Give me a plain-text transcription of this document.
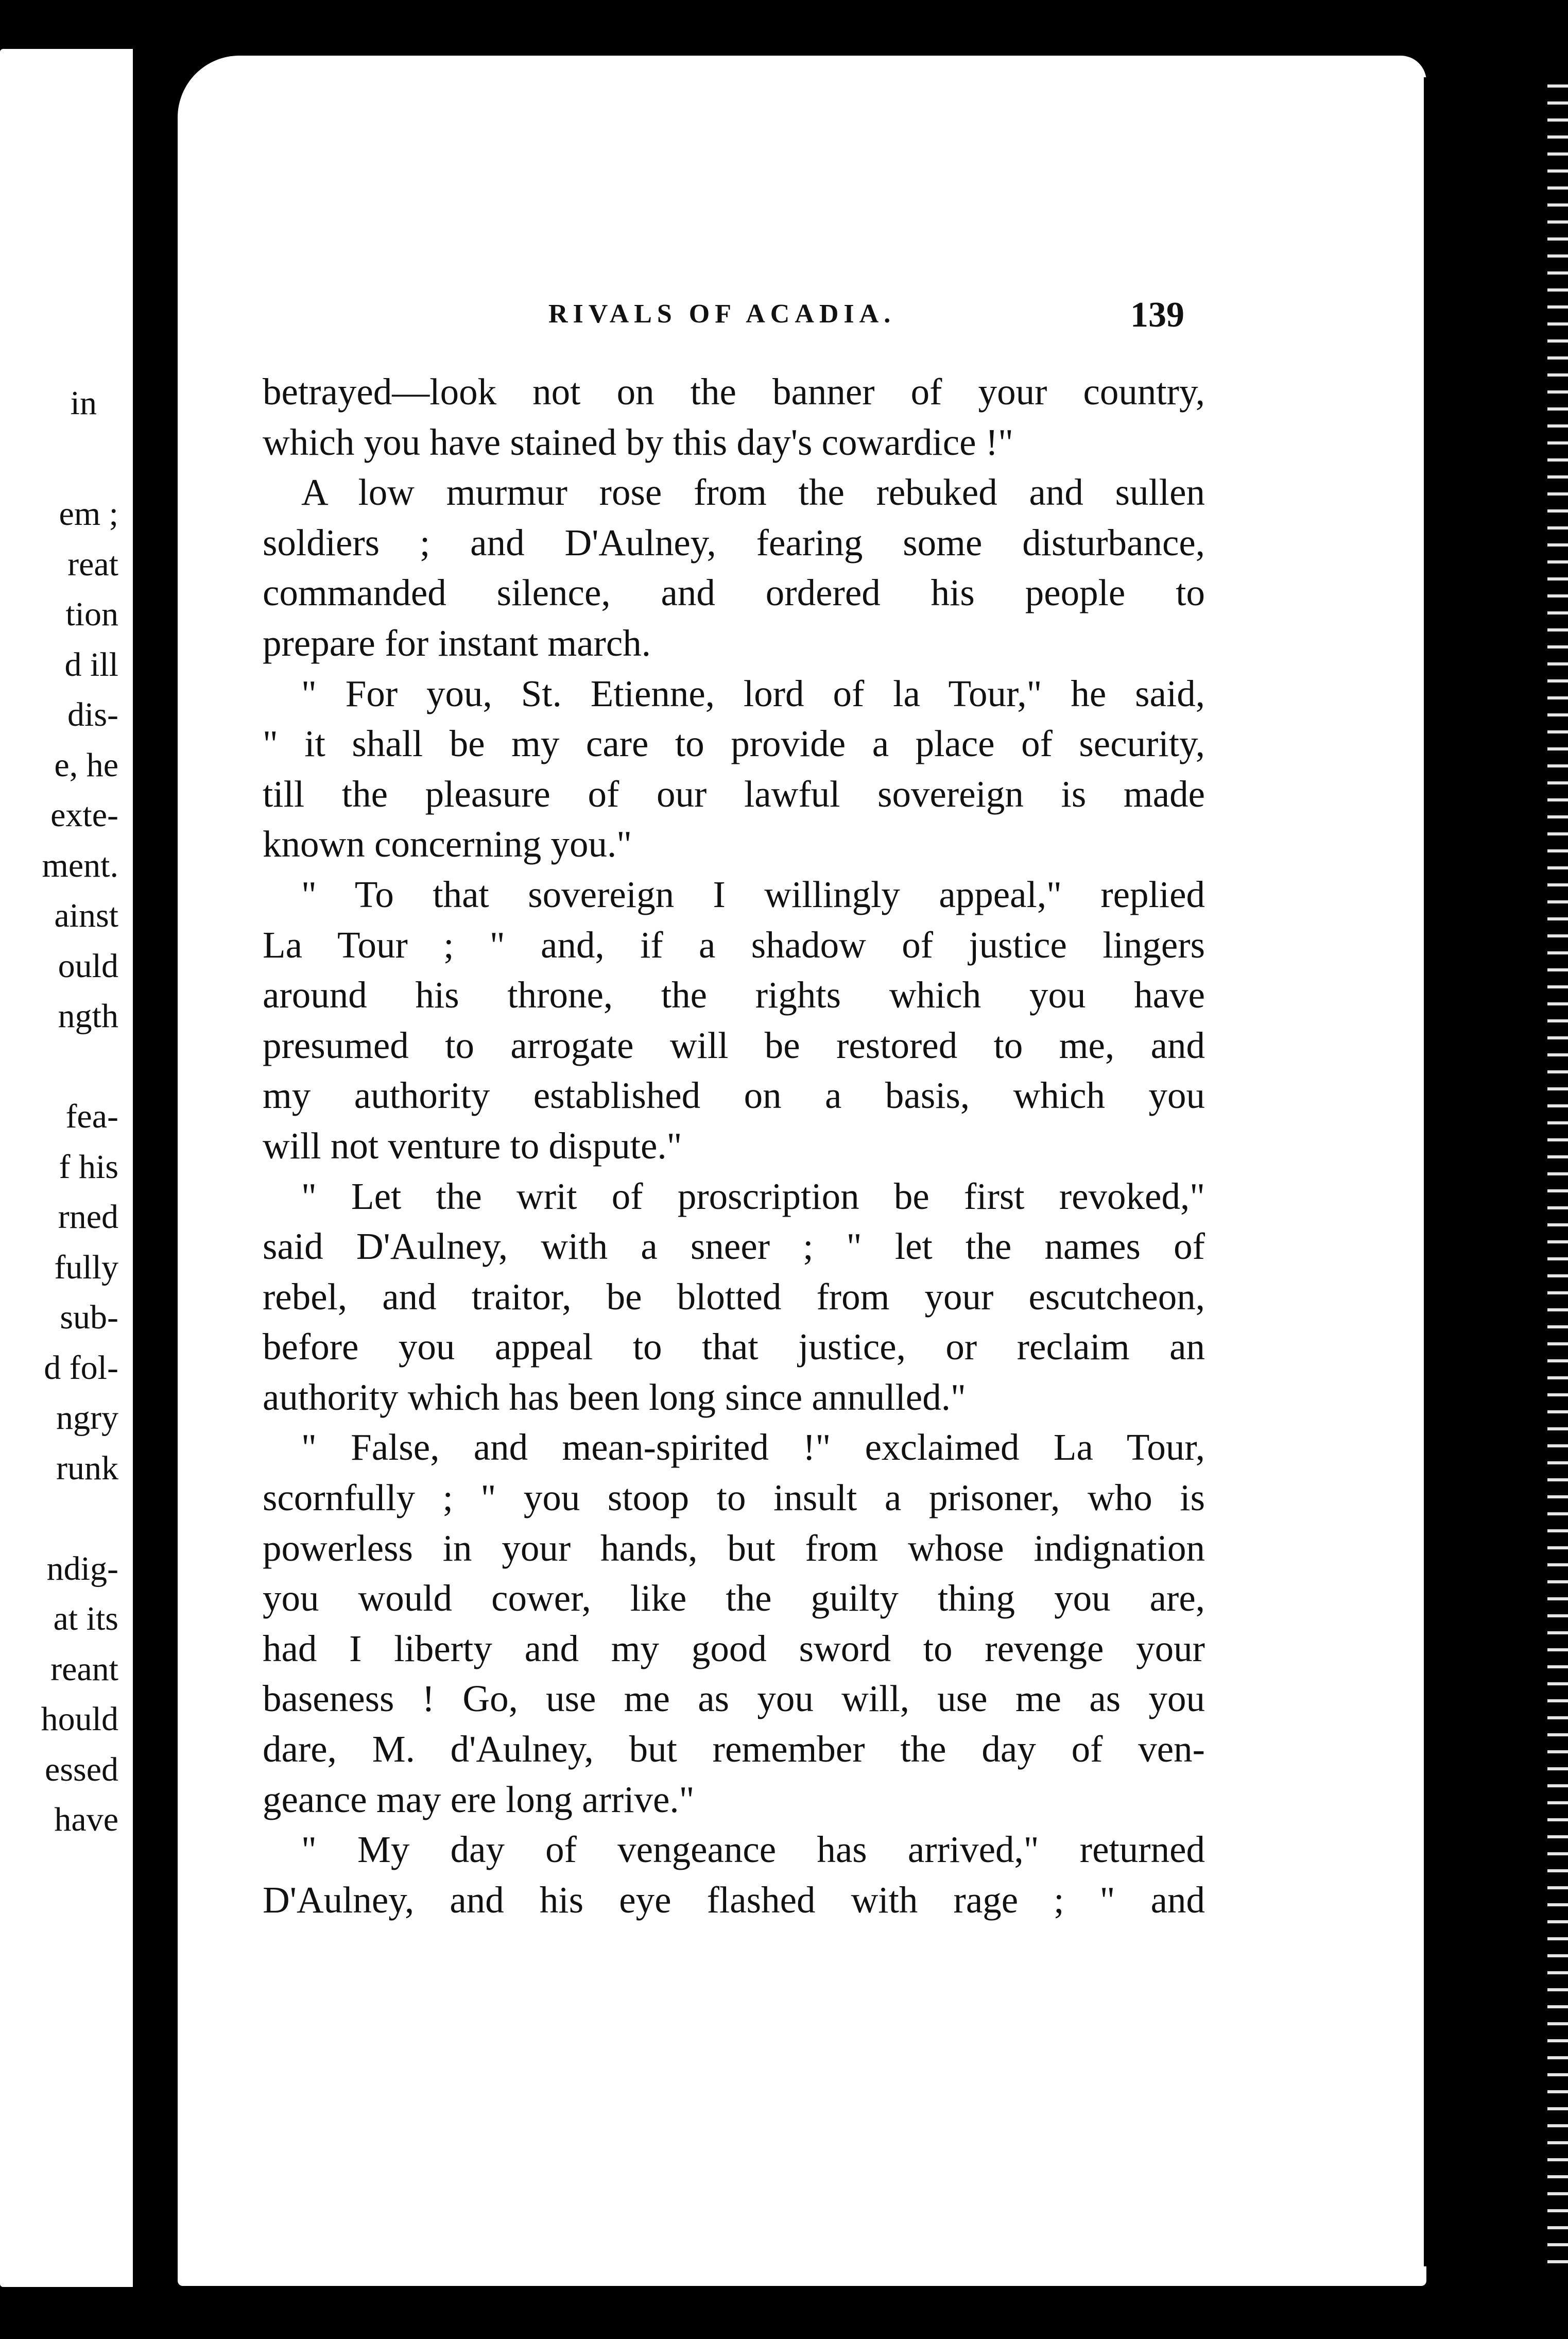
in
em ;
reat
tion
d ill
dis-
e, he
exte-
ment.
ainst
ould
ngth
fea-
f his
rned
fully
sub-
d fol-
ngry
runk
ndig-
at its
reant
hould
essed
have
RIVALS OF ACADIA.	139
betrayed—look not on the banner of your country,
which you have stained by this day's cowardice !"
A low murmur rose from the rebuked and sullen
soldiers ; and D'Aulney, fearing some disturbance,
commanded silence, and ordered his people to
prepare for instant march.
" For you, St. Etienne, lord of la Tour," he said,
" it shall be my care to provide a place of security,
till the pleasure of our lawful sovereign is made
known concerning you."
" To that sovereign I willingly appeal," replied
La Tour ; " and, if a shadow of justice lingers
around his throne, the rights which you have
presumed to arrogate will be restored to me, and
my authority established on a basis, which you
will not venture to dispute."
" Let the writ of proscription be first revoked,"
said D'Aulney, with a sneer ; " let the names of
rebel, and traitor, be blotted from your escutcheon,
before you appeal to that justice, or reclaim an
authority which has been long since annulled."
" False, and mean-spirited !" exclaimed La Tour,
scornfully ; " you stoop to insult a prisoner, who is
powerless in your hands, but from whose indignation
you would cower, like the guilty thing you are,
had I liberty and my good sword to revenge your
baseness ! Go, use me as you will, use me as you
dare, M. d'Aulney, but remember the day of ven-
geance may ere long arrive."
" My day of vengeance has arrived," returned
D'Aulney, and his eye flashed with rage ; " and
